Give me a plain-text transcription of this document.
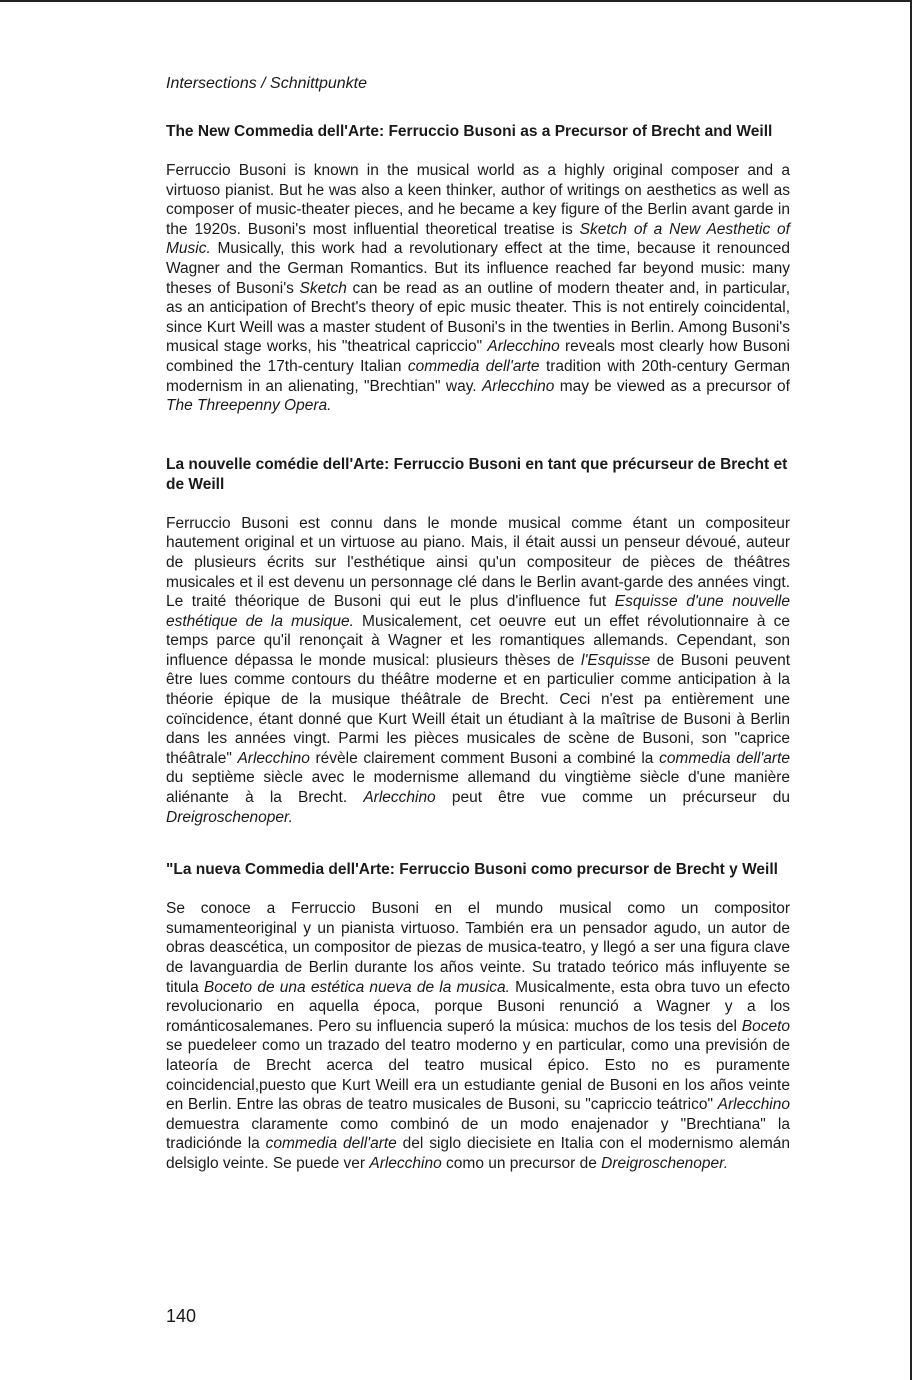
Intersections / Schnittpunkte
The New Commedia dell'Arte: Ferruccio Busoni as a Precursor of Brecht and Weill

Ferruccio Busoni is known in the musical world as a highly original composer and a virtuoso pianist. But he was also a keen thinker, author of writings on aesthetics as well as composer of music-theater pieces, and he became a key figure of the Berlin avant garde in the 1920s. Busoni's most influential theoretical treatise is Sketch of a New Aesthetic of Music. Musically, this work had a revolutionary effect at the time, because it renounced Wagner and the German Romantics. But its influence reached far beyond music: many theses of Busoni's Sketch can be read as an outline of modern theater and, in particular, as an anticipation of Brecht's theory of epic music theater. This is not entirely coincidental, since Kurt Weill was a master student of Busoni's in the twenties in Berlin. Among Busoni's musical stage works, his "theatrical capriccio" Arlecchino reveals most clearly how Busoni combined the 17th-century Italian commedia dell'arte tradition with 20th-century German modernism in an alienating, "Brechtian" way. Arlecchino may be viewed as a precursor of The Threepenny Opera.

La nouvelle comédie dell'Arte: Ferruccio Busoni en tant que précurseur de Brecht et de Weill

Ferruccio Busoni est connu dans le monde musical comme étant un compositeur hautement original et un virtuose au piano. Mais, il était aussi un penseur dévoué, auteur de plusieurs écrits sur l'esthétique ainsi qu'un compositeur de pièces de théâtres musicales et il est devenu un personnage clé dans le Berlin avant-garde des années vingt. Le traité théorique de Busoni qui eut le plus d'influence fut Esquisse d'une nouvelle esthétique de la musique. Musicalement, cet oeuvre eut un effet révolutionnaire à ce temps parce qu'il renonçait à Wagner et les romantiques allemands. Cependant, son influence dépassa le monde musical: plusieurs thèses de l'Esquisse de Busoni peuvent être lues comme contours du théâtre moderne et en particulier comme anticipation à la théorie épique de la musique théâtrale de Brecht. Ceci n'est pa entièrement une coïncidence, étant donné que Kurt Weill était un étudiant à la maîtrise de Busoni à Berlin dans les années vingt. Parmi les pièces musicales de scène de Busoni, son "caprice théâtrale" Arlecchino révèle clairement comment Busoni a combiné la commedia dell'arte du septième siècle avec le modernisme allemand du vingtième siècle d'une manière aliénante à la Brecht. Arlecchino peut être vue comme un précurseur du Dreigroschenoper.

"La nueva Commedia dell'Arte: Ferruccio Busoni como precursor de Brecht y Weill

Se conoce a Ferruccio Busoni en el mundo musical como un compositor sumamenteoriginal y un pianista virtuoso. También era un pensador agudo, un autor de obras deascética, un compositor de piezas de musica-teatro, y llegó a ser una figura clave de lavanguardia de Berlin durante los años veinte. Su tratado teórico más influyente se titula Boceto de una estética nueva de la musica. Musicalmente, esta obra tuvo un efecto revolucionario en aquella época, porque Busoni renunció a Wagner y a los románticosalemanes. Pero su influencia superó la música: muchos de los tesis del Boceto se puedeleer como un trazado del teatro moderno y en particular, como una previsión de lateoría de Brecht acerca del teatro musical épico. Esto no es puramente coincidencial,puesto que Kurt Weill era un estudiante genial de Busoni en los años veinte en Berlin. Entre las obras de teatro musicales de Busoni, su "capriccio teátrico" Arlecchino demuestra claramente como combinó de un modo enajenador y "Brechtiana" la tradiciónde la commedia dell'arte del siglo diecisiete en Italia con el modernismo alemán delsiglo veinte. Se puede ver Arlecchino como un precursor de Dreigroschenoper.

140
